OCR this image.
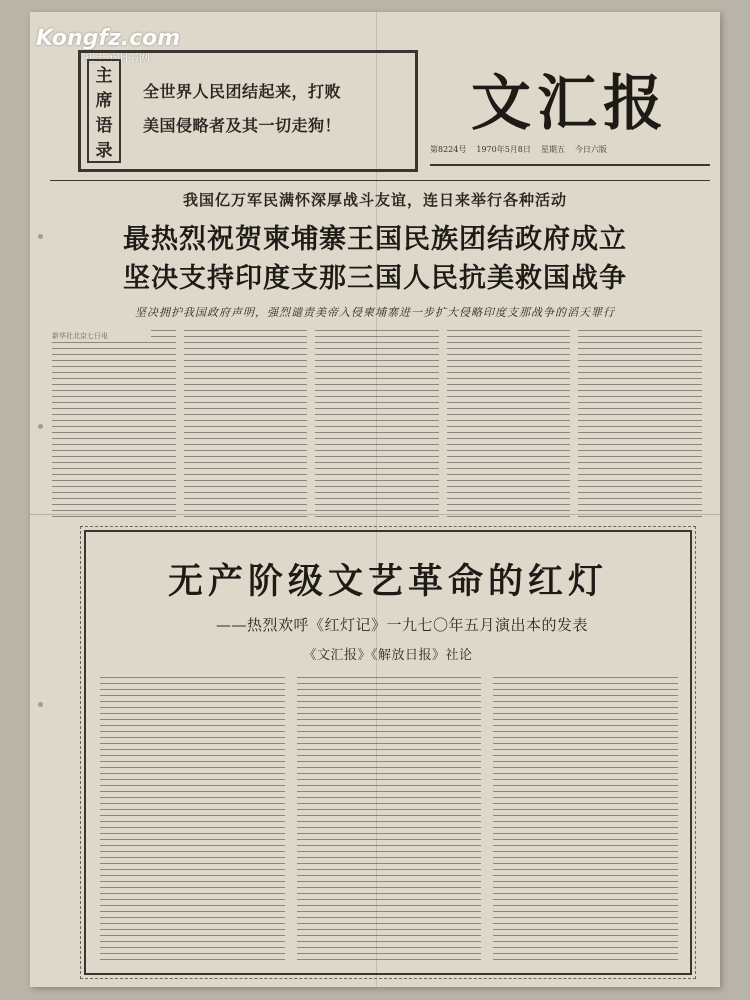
Kongfz.com
孔夫子旧书网
主
席
语
录
全世界人民团结起来，打败
美国侵略者及其一切走狗！	文汇报
第8224号 1970年5月8日 星期五 今日六版
我国亿万军民满怀深厚战斗友谊，连日来举行各种活动
最热烈祝贺柬埔寨王国民族团结政府成立
坚决支持印度支那三国人民抗美救国战争
坚决拥护我国政府声明，强烈谴责美帝入侵柬埔寨进一步扩大侵略印度支那战争的滔天罪行
新华社北京七日电
无产阶级文艺革命的红灯
——热烈欢呼《红灯记》一九七〇年五月演出本的发表
《文汇报》《解放日报》社论
